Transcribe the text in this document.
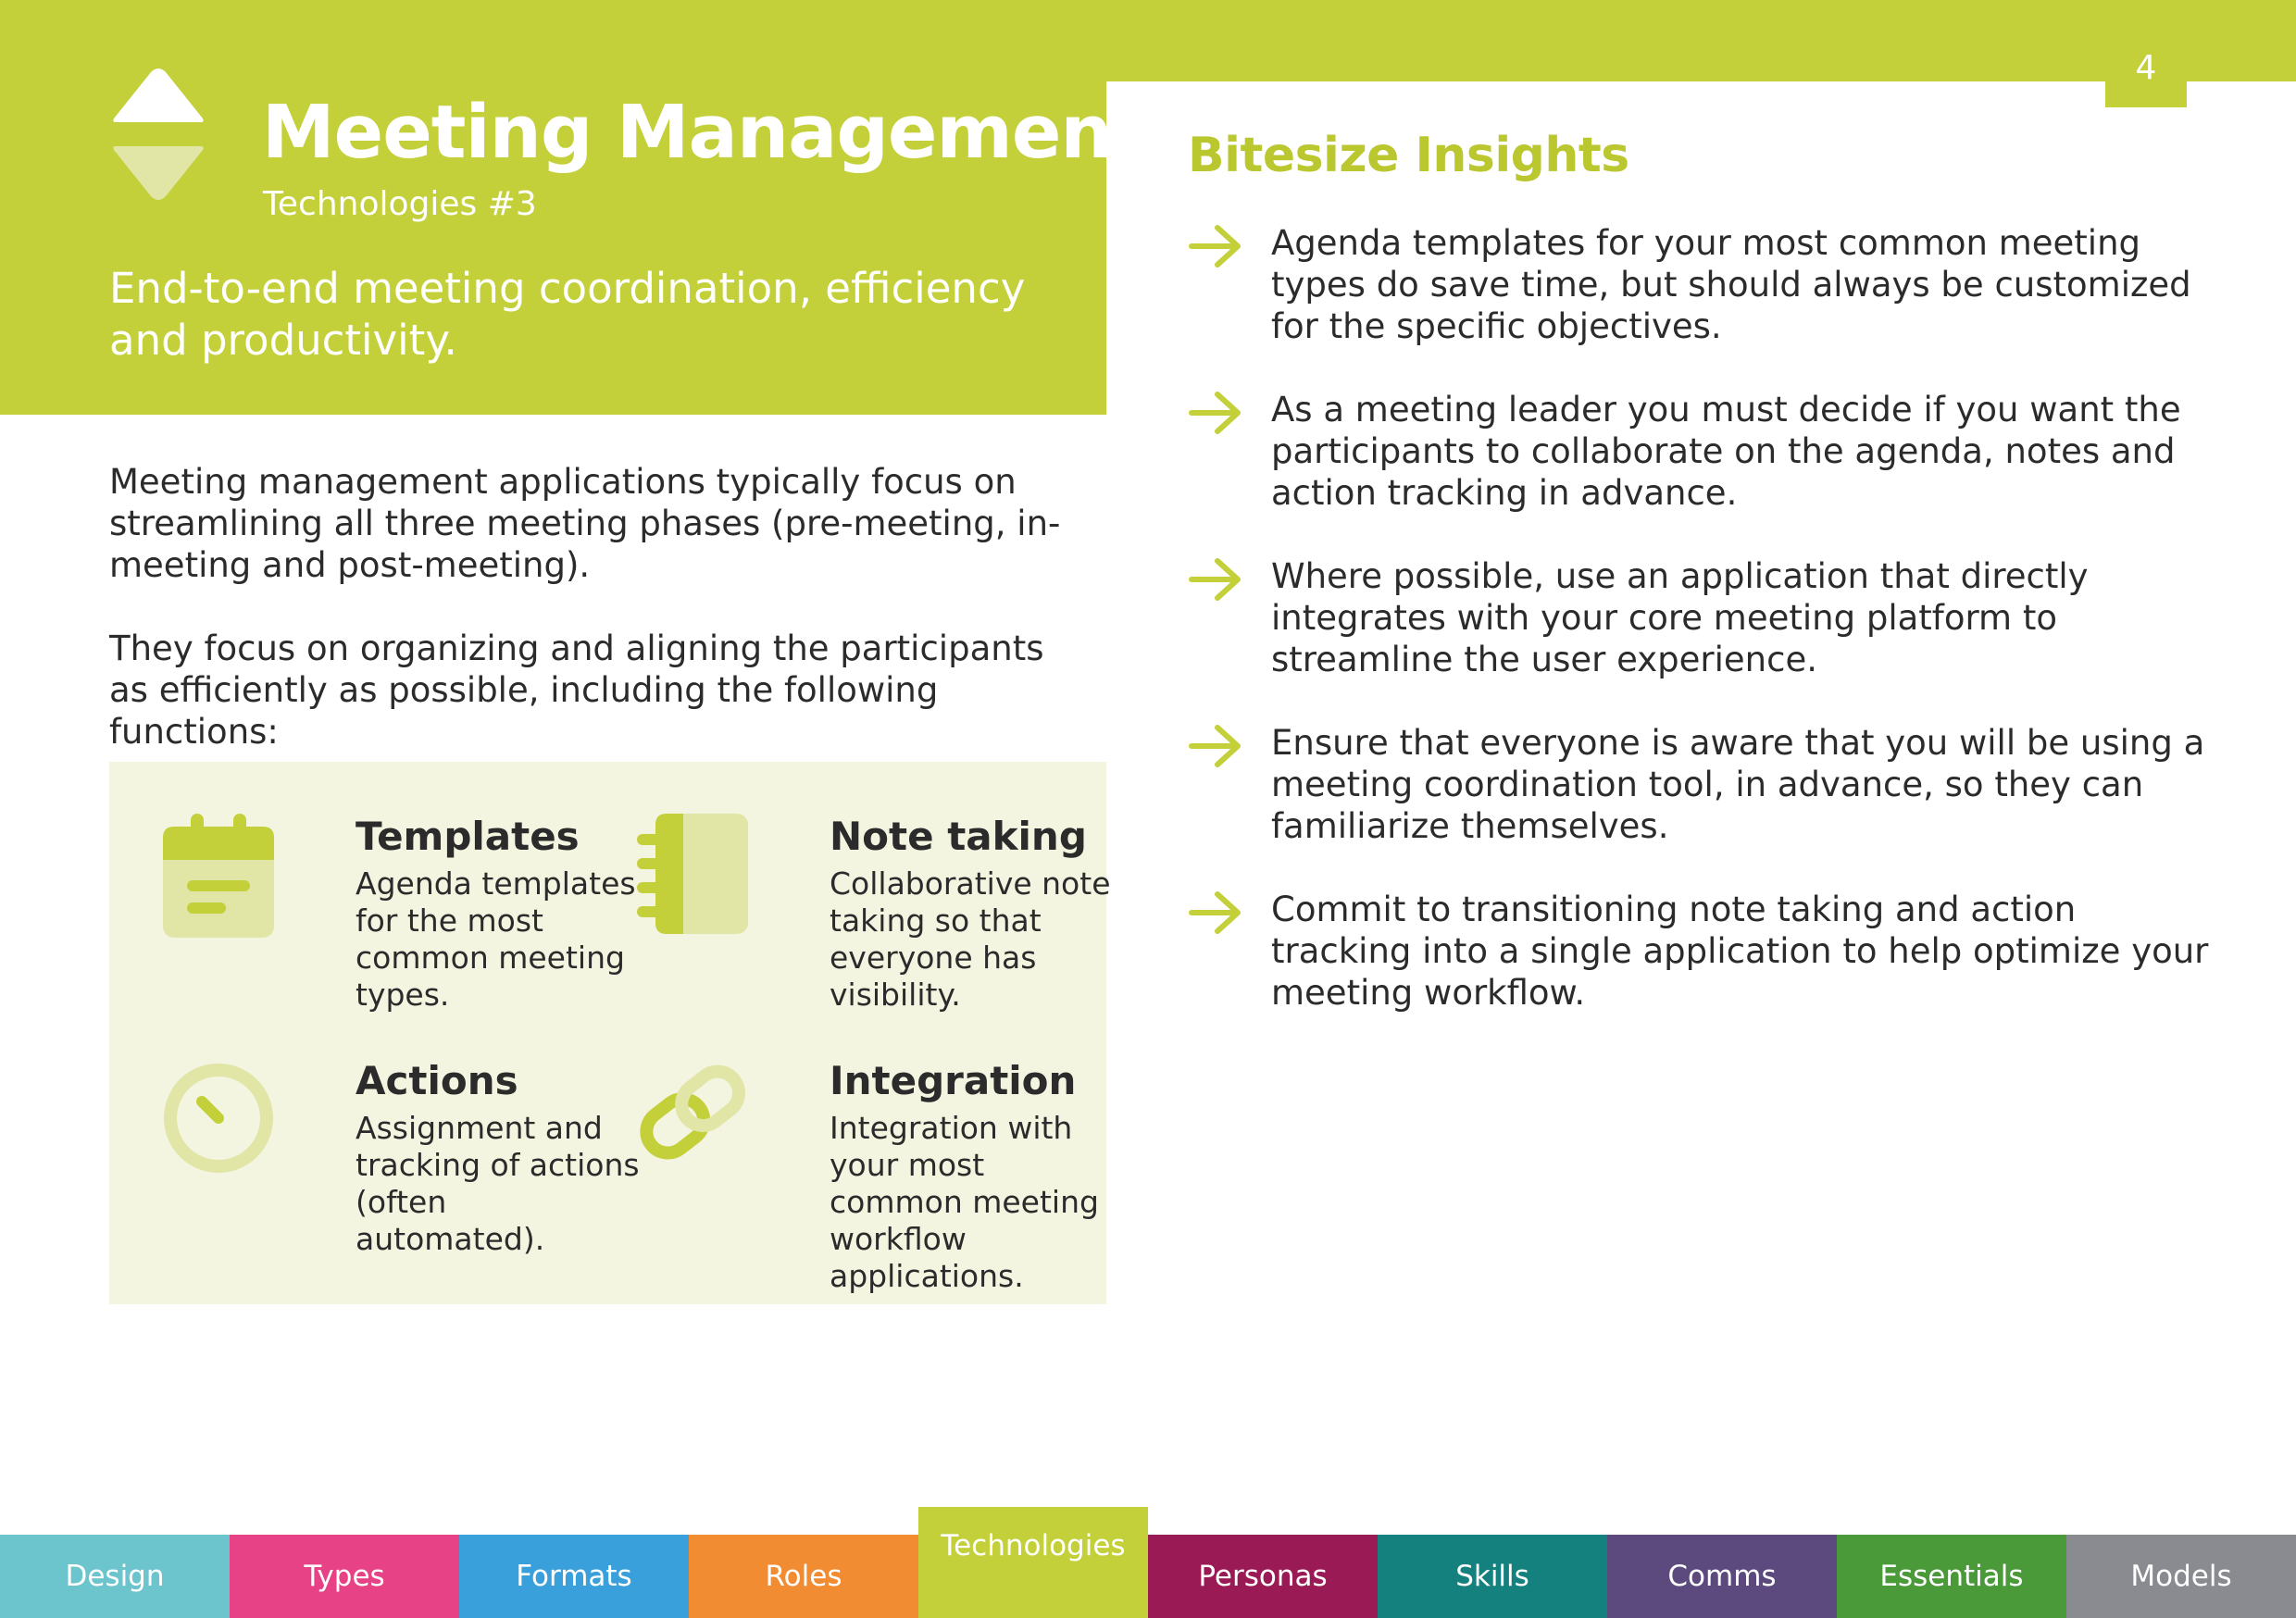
4
Meeting Management
Technologies #3

End-to-end meeting coordination, efficiency and productivity.

Meeting management applications typically focus on streamlining all three meeting phases (pre-meeting, in-meeting and post-meeting).

They focus on organizing and aligning the participants as efficiently as possible, including the following functions:

Templates
Agenda templates for the most common meeting types.
Note taking
Collaborative note taking so that everyone has visibility.
Actions
Assignment and tracking of actions (often automated).
Integration
Integration with your most common meeting workflow applications.
Bitesize Insights
Agenda templates for your most common meeting types do save time, but should always be customized for the specific objectives.
As a meeting leader you must decide if you want the participants to collaborate on the agenda, notes and action tracking in advance.
Where possible, use an application that directly integrates with your core meeting platform to streamline the user experience.
Ensure that everyone is aware that you will be using a meeting coordination tool, in advance, so they can familiarize themselves.
Commit to transitioning note taking and action tracking into a single application to help optimize your meeting workflow.
Design	Types	Formats	Roles
Technologies
Personas	Skills	Comms	Essentials	Models
